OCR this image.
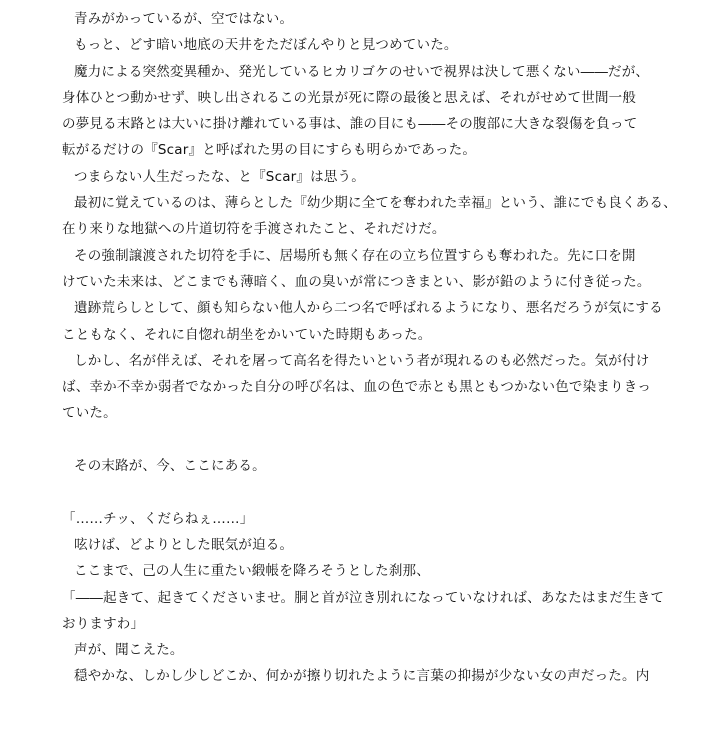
青みがかっているが、空ではない。
もっと、どす暗い地底の天井をただぼんやりと見つめていた。
魔力による突然変異種か、発光しているヒカリゴケのせいで視界は決して悪くない――だが、
身体ひとつ動かせず、映し出されるこの光景が死に際の最後と思えば、それがせめて世間一般
の夢見る末路とは大いに掛け離れている事は、誰の目にも――その腹部に大きな裂傷を負って
転がるだけの『Scar』と呼ばれた男の目にすらも明らかであった。
つまらない人生だったな、と『Scar』は思う。
最初に覚えているのは、薄らとした『幼少期に全てを奪われた幸福』という、誰にでも良くある、
在り来りな地獄への片道切符を手渡されたこと、それだけだ。
その強制譲渡された切符を手に、居場所も無く存在の立ち位置すらも奪われた。先に口を開
けていた未来は、どこまでも薄暗く、血の臭いが常につきまとい、影が鉛のように付き従った。
遺跡荒らしとして、顔も知らない他人から二つ名で呼ばれるようになり、悪名だろうが気にする
こともなく、それに自惚れ胡坐をかいていた時期もあった。
しかし、名が伴えば、それを屠って高名を得たいという者が現れるのも必然だった。気が付け
ば、幸か不幸か弱者でなかった自分の呼び名は、血の色で赤とも黒ともつかない色で染まりきっ
ていた。
その末路が、今、ここにある。
「……チッ、くだらねぇ……」
呟けば、どよりとした眠気が迫る。
ここまで、己の人生に重たい緞帳を降ろそうとした刹那、
「――起きて、起きてくださいませ。胴と首が泣き別れになっていなければ、あなたはまだ生きて
おりますわ」
声が、聞こえた。
穏やかな、しかし少しどこか、何かが擦り切れたように言葉の抑揚が少ない女の声だった。内
